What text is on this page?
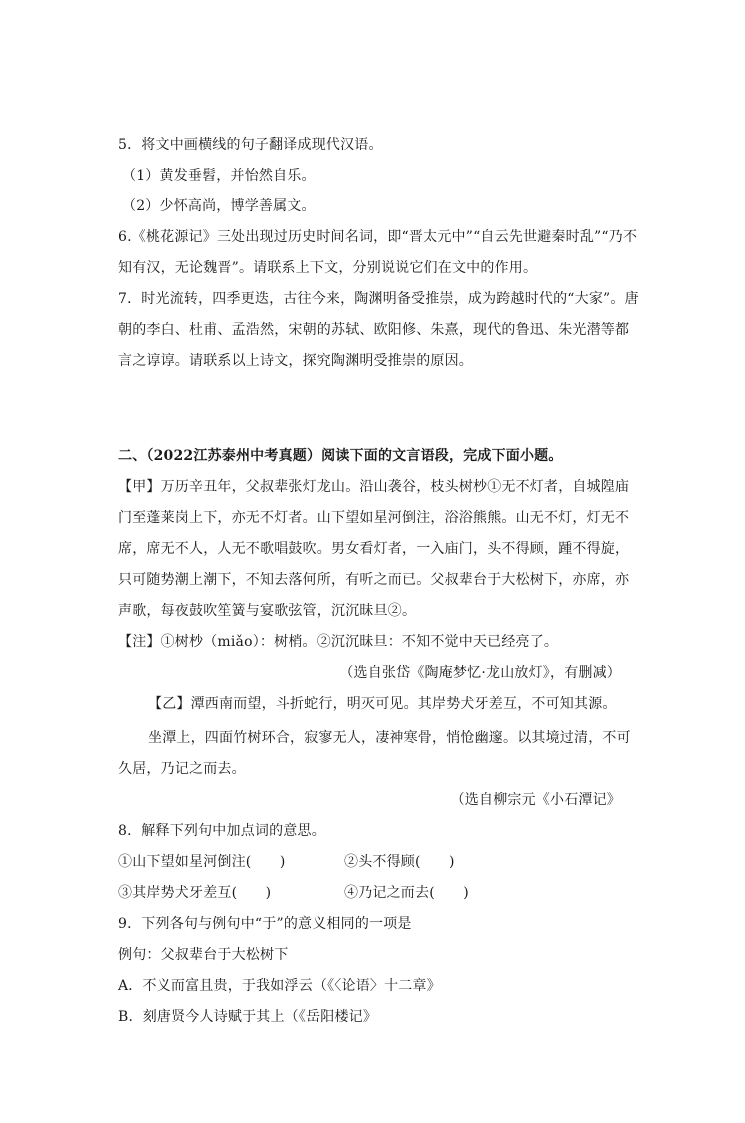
5．将文中画横线的句子翻译成现代汉语。
（1）黄发垂髫，并怡然自乐。
（2）少怀高尚，博学善属文。
6.《桃花源记》三处出现过历史时间名词，即“晋太元中”“自云先世避秦时乱”“乃不
知有汉，无论魏晋”。请联系上下文，分别说说它们在文中的作用。
7．时光流转，四季更迭，古往今来，陶渊明备受推崇，成为跨越时代的“大家”。唐
朝的李白、杜甫、孟浩然，宋朝的苏轼、欧阳修、朱熹，现代的鲁迅、朱光潜等都
言之谆谆。请联系以上诗文，探究陶渊明受推崇的原因。
二、（2022江苏泰州中考真题）阅读下面的文言语段，完成下面小题。
【甲】万历辛丑年，父叔辈张灯龙山。沿山袭谷，枝头树杪①无不灯者，自城隍庙
门至蓬莱岗上下，亦无不灯者。山下望如星河倒注，浴浴熊熊。山无不灯，灯无不
席，席无不人，人无不歌唱鼓吹。男女看灯者，一入庙门，头不得顾，踵不得旋，
只可随势潮上潮下，不知去落何所，有听之而已。父叔辈台于大松树下，亦席，亦
声歌，每夜鼓吹笙簧与宴歌弦管，沉沉昧旦②。
【注】①树杪（miǎo）：树梢。②沉沉昧旦：不知不觉中天已经亮了。
（选自张岱《陶庵梦忆·龙山放灯》，有删减）
【乙】潭西南而望，斗折蛇行，明灭可见。其岸势犬牙差互，不可知其源。
坐潭上，四面竹树环合，寂寥无人，凄神寒骨，悄怆幽邃。以其境过清，不可
久居，乃记之而去。
（选自柳宗元《小石潭记》
8．解释下列句中加点词的意思。
①山下望如星河倒注(　　)	②头不得顾(　　)
③其岸势犬牙差互(　　)	④乃记之而去(　　)
9．下列各句与例句中“于”的意义相同的一项是
例句：父叔辈台于大松树下
A．不义而富且贵，于我如浮云（《〈论语〉十二章》
B．刻唐贤今人诗赋于其上（《岳阳楼记》
